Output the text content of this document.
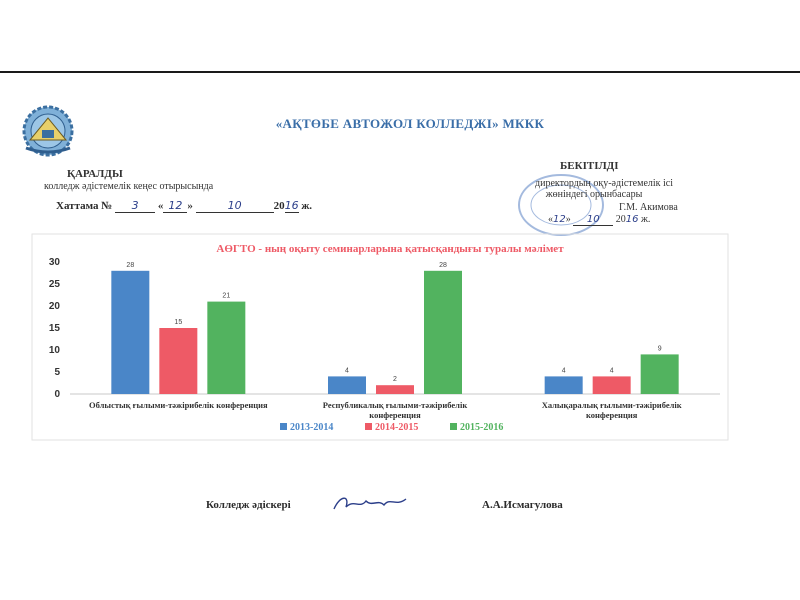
«АҚТӨБЕ АВТОЖОЛ КОЛЛЕДЖІ» МККК
ҚАРАЛДЫ
колледж әдістемелік кеңес отырысында
Хаттама № 3 « 12 »	10	2016 ж.
БЕКІТІЛДІ
директордың оқу-әдістемелік ісі
жөніндегі орынбасары
Г.М. Акимова
«12» 10 2016 ж.
АӨГТО - ның оқыту семинарларына қатысқандығы туралы мәлімет
0
5
10
15
20
25
30	28
15
21
Облыстық ғылыми-тәжірибелік конференция
4
2
28
Республикалық ғылыми-тәжірибелік
конференция
4	4
9
Халықаралық ғылыми-тәжірибелік
конференция
2013-2014	2014-2015	2015-2016
Колледж әдіскері	А.А.Исмагулова
